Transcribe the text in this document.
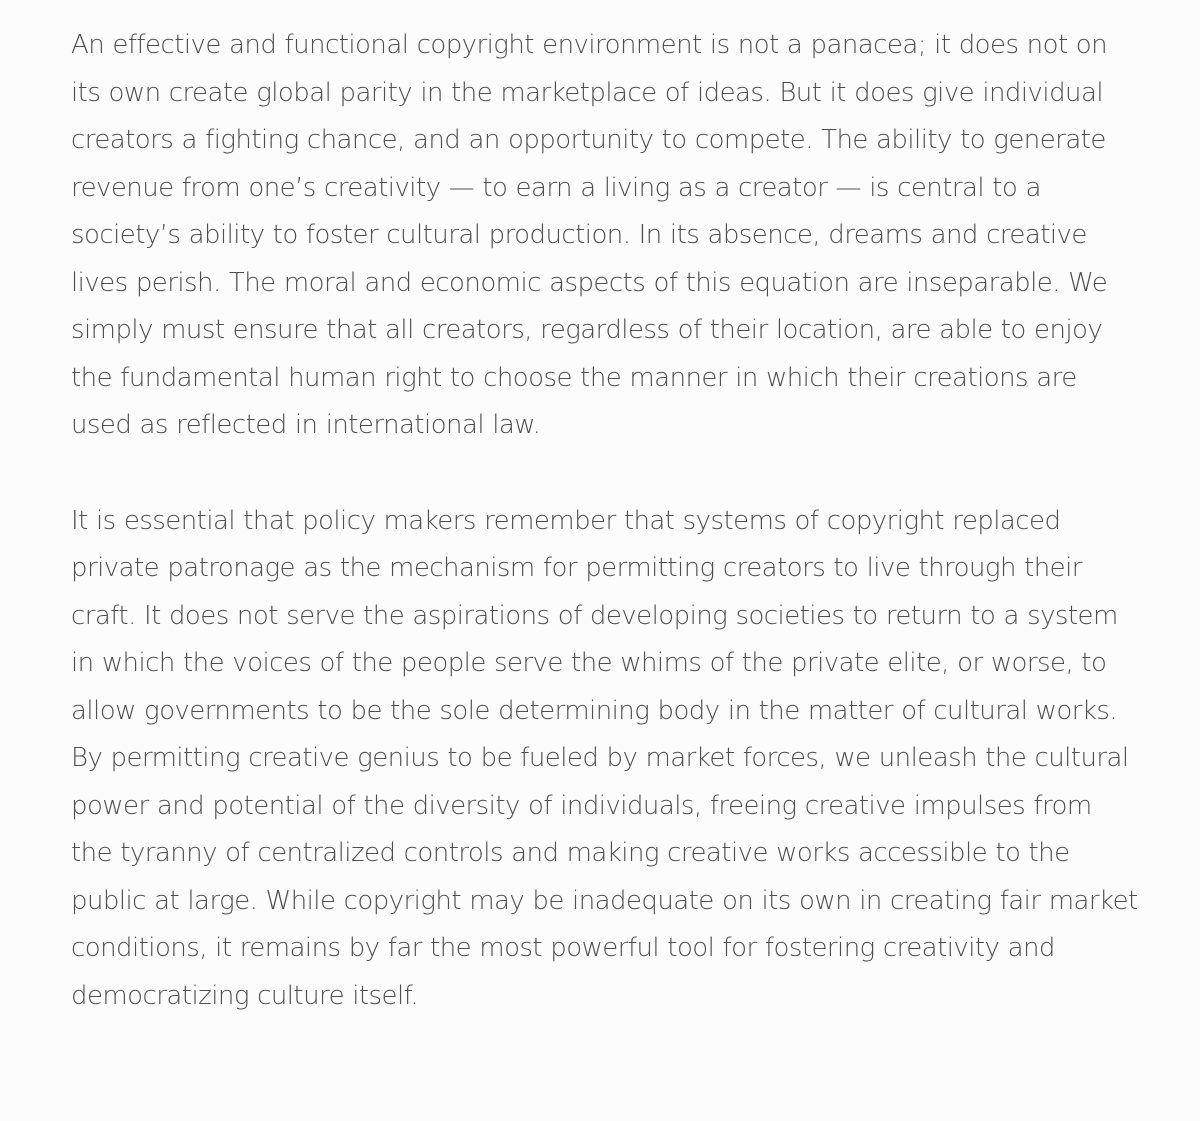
An effective and functional copyright environment is not a panacea; it does not on its own create global parity in the marketplace of ideas. But it does give individual creators a fighting chance, and an opportunity to compete. The ability to generate revenue from one’s creativity — to earn a living as a creator — is central to a society’s ability to foster cultural production. In its absence, dreams and creative lives perish. The moral and economic aspects of this equation are inseparable. We simply must ensure that all creators, regardless of their location, are able to enjoy the fundamental human right to choose the manner in which their creations are used as reflected in international law.

It is essential that policy makers remember that systems of copyright replaced private patronage as the mechanism for permitting creators to live through their craft. It does not serve the aspirations of developing societies to return to a system in which the voices of the people serve the whims of the private elite, or worse, to allow governments to be the sole determining body in the matter of cultural works. By permitting creative genius to be fueled by market forces, we unleash the cultural power and potential of the diversity of individuals, freeing creative impulses from the tyranny of centralized controls and making creative works accessible to the public at large. While copyright may be inadequate on its own in creating fair market conditions, it remains by far the most powerful tool for fostering creativity and democratizing culture itself.
